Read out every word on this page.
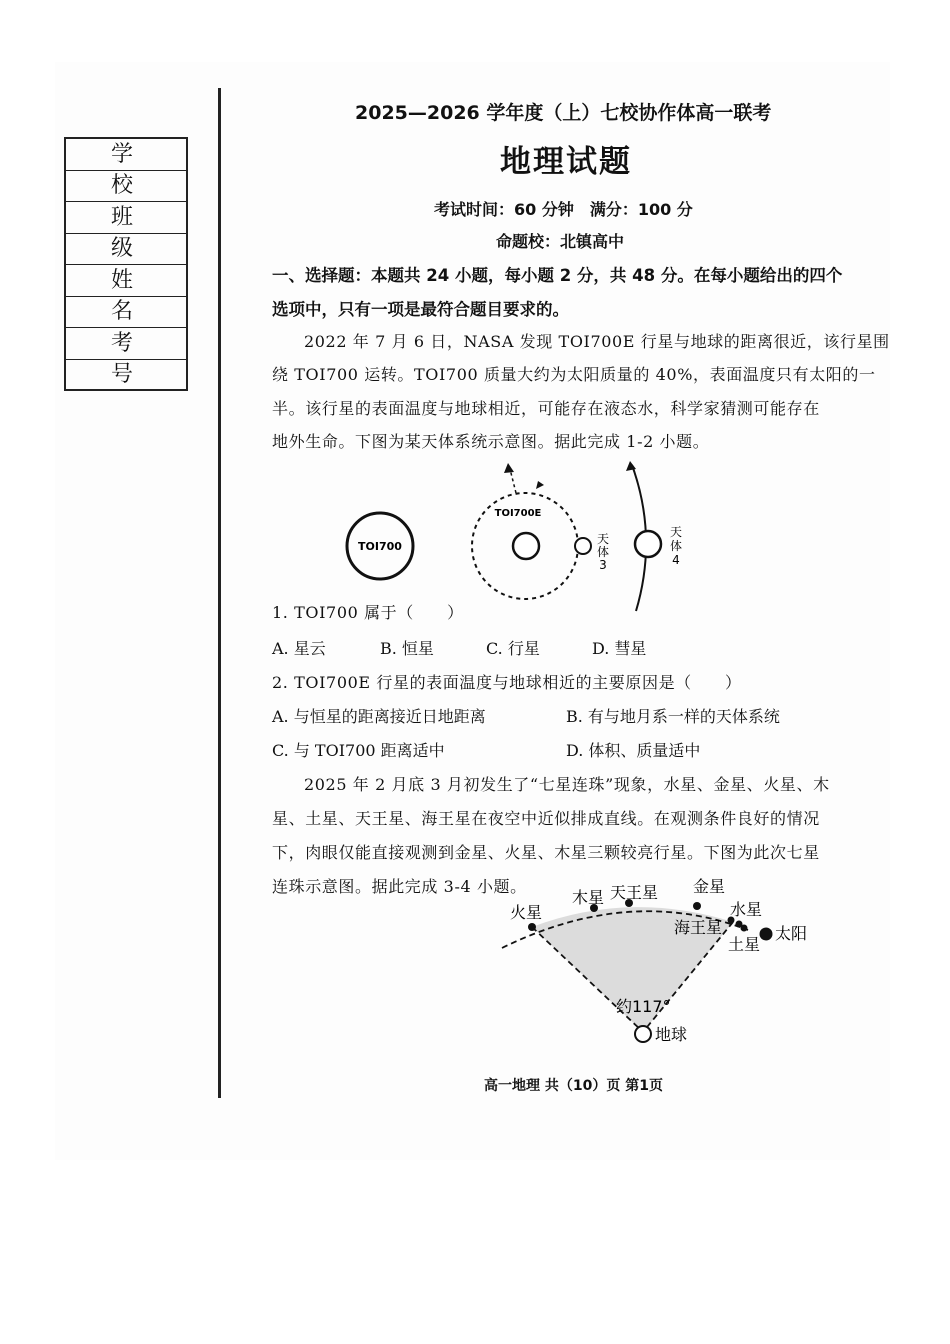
学 校
班 级
姓 名
考 号
2025—2026 学年度（上）七校协作体高一联考
地理试题
考试时间：60 分钟　满分：100 分
命题校：北镇高中
一、选择题：本题共 24 小题，每小题 2 分，共 48 分。在每小题给出的四个
选项中，只有一项是最符合题目要求的。
2022 年 7 月 6 日，NASA 发现 TOI700E 行星与地球的距离很近，该行星围
绕 TOI700 运转。TOI700 质量大约为太阳质量的 40%，表面温度只有太阳的一
半。该行星的表面温度与地球相近，可能存在液态水，科学家猜测可能存在
地外生命。下图为某天体系统示意图。据此完成 1-2 小题。
TOI700
TOI700E
天
体
3
天
体
4
1. TOI700 属于（　　）
A. 星云	B. 恒星	C. 行星	D. 彗星
2. TOI700E 行星的表面温度与地球相近的主要原因是（　　）
A. 与恒星的距离接近日地距离	B. 有与地月系一样的天体系统
C. 与 TOI700 距离适中	D. 体积、质量适中
2025 年 2 月底 3 月初发生了“七星连珠”现象，水星、金星、火星、木
星、土星、天王星、海王星在夜空中近似排成直线。在观测条件良好的情况
下，肉眼仅能直接观测到金星、火星、木星三颗较亮行星。下图为此次七星
连珠示意图。据此完成 3-4 小题。
火星
木星 天王星 金星
水星
海王星
土星
太阳
约117°
地球
高一地理 共（10）页 第1页
